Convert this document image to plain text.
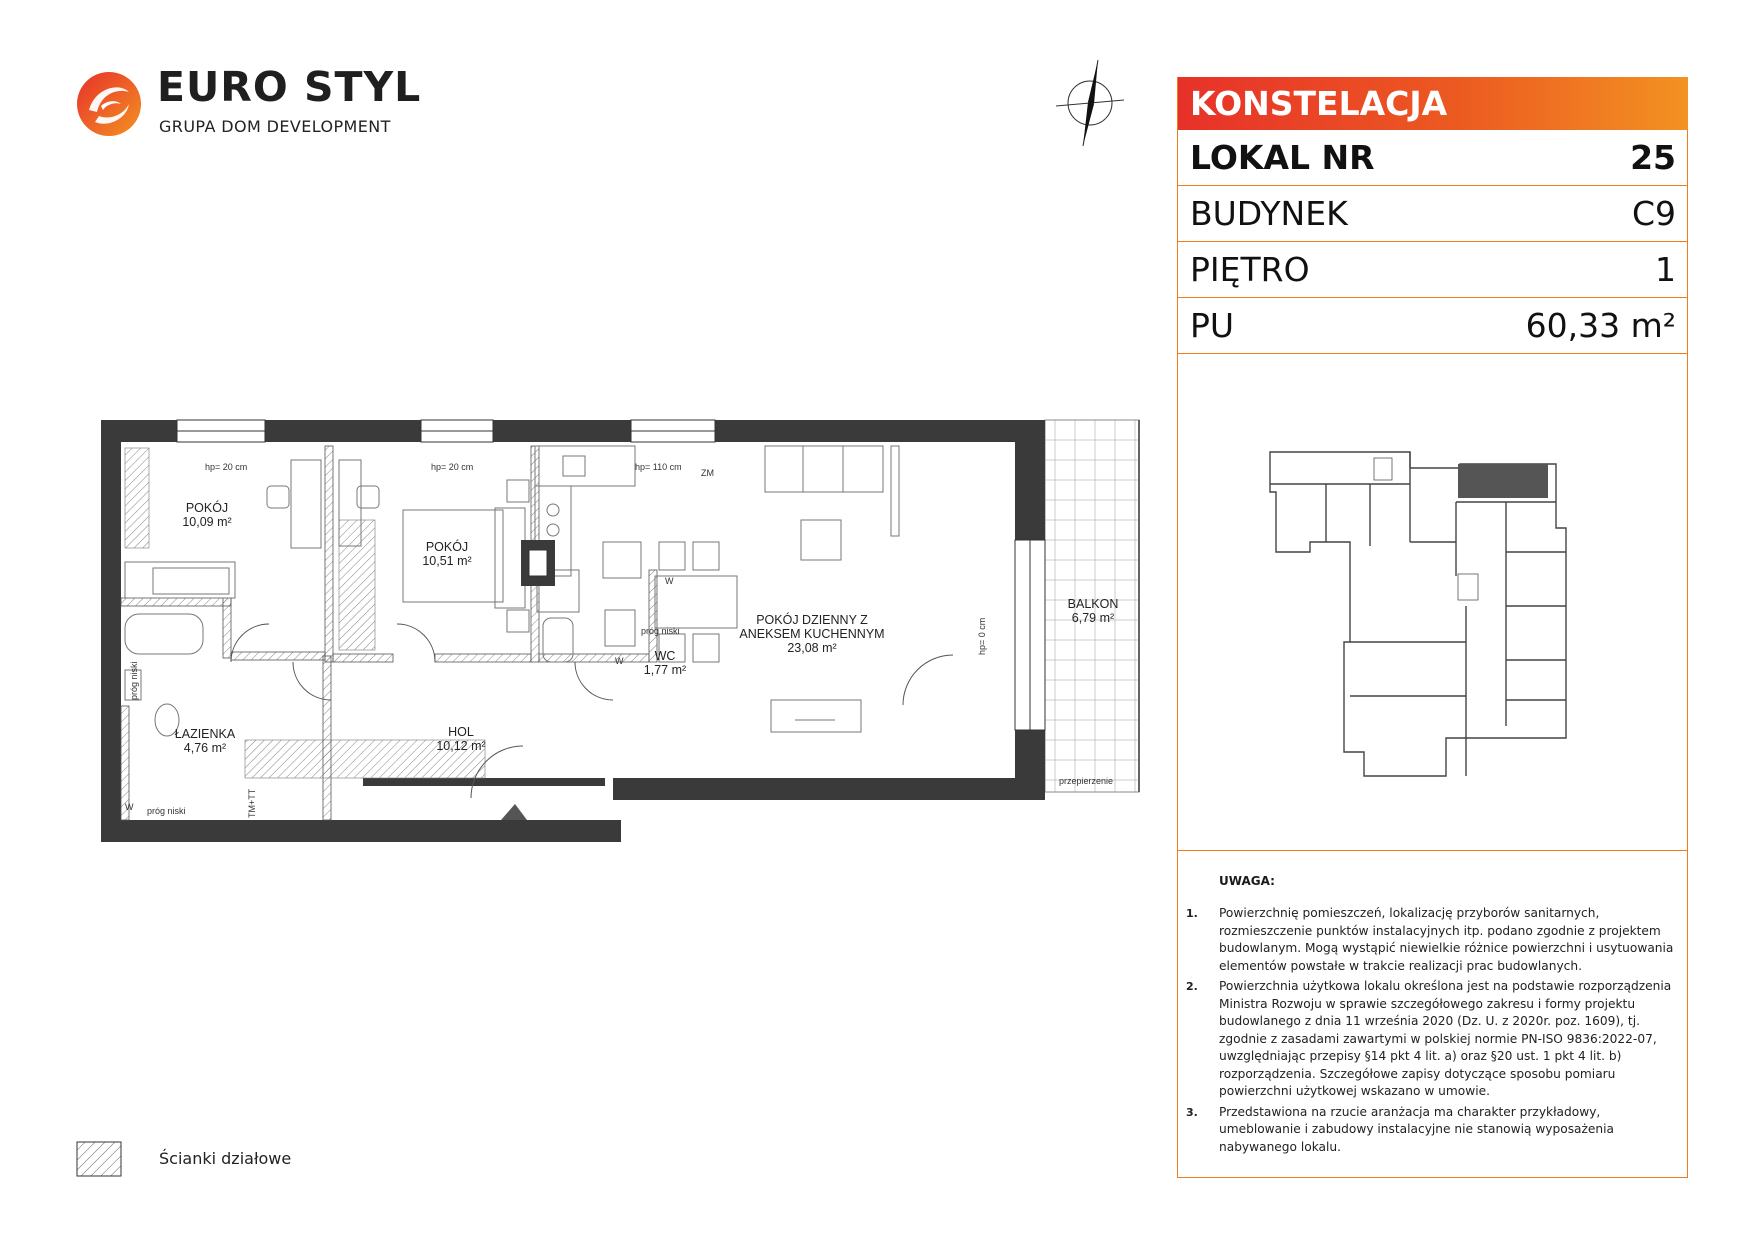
EURO STYL
GRUPA DOM DEVELOPMENT
POKÓJ
10,09 m²
POKÓJ
10,51 m²
POKÓJ DZIENNY Z
ANEKSEM KUCHENNYM
23,08 m²
BALKON
6,79 m²
ŁAZIENKA
4,76 m²
HOL
10,12 m²
WC
1,77 m²
hp= 20 cm	hp= 20 cm	hp= 110 cm
ZM
hp= 0 cm
próg niski
próg niski
próg niski
przepierzenie
W
W
W	TM+TT
KONSTELACJA
LOKAL NR	25
BUDYNEK	C9
PIĘTRO	1
PU	60,33 m²
UWAGA:
1. Powierzchnię pomieszczeń, lokalizację przyborów sanitarnych, rozmieszczenie punktów instalacyjnych itp. podano zgodnie z projektem budowlanym. Mogą wystąpić niewielkie różnice powierzchni i usytuowania elementów powstałe w trakcie realizacji prac budowlanych.
2. Powierzchnia użytkowa lokalu określona jest na podstawie rozporządzenia Ministra Rozwoju w sprawie szczegółowego zakresu i formy projektu budowlanego z dnia 11 września 2020 (Dz. U. z 2020r. poz. 1609), tj. zgodnie z zasadami zawartymi w polskiej normie PN-ISO 9836:2022-07, uwzględniając przepisy §14 pkt 4 lit. a) oraz §20 ust. 1 pkt 4 lit. b) rozporządzenia. Szczegółowe zapisy dotyczące sposobu pomiaru powierzchni użytkowej wskazano w umowie.
3. Przedstawiona na rzucie aranżacja ma charakter przykładowy, umeblowanie i zabudowy instalacyjne nie stanowią wyposażenia nabywanego lokalu.
Ścianki działowe
